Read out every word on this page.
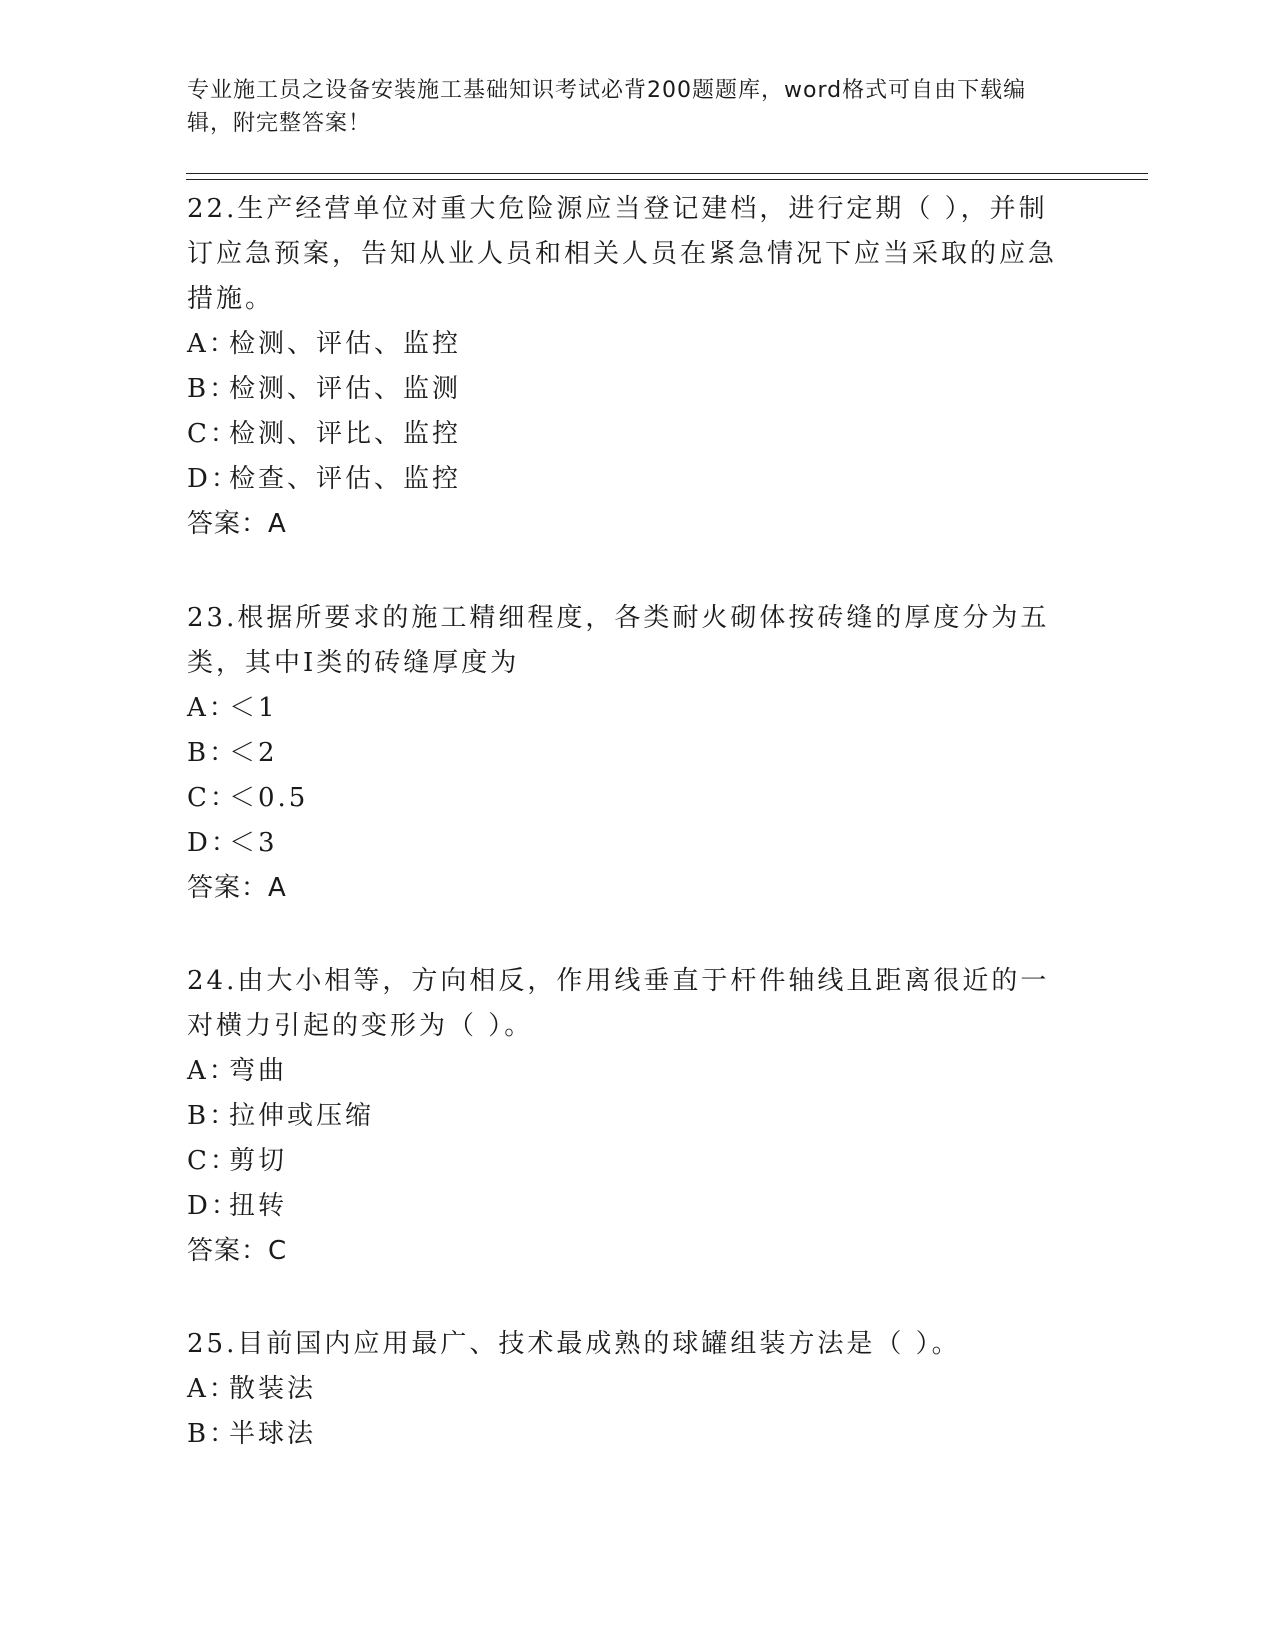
专业施工员之设备安装施工基础知识考试必背200题题库，word格式可自由下载编辑，附完整答案！
22.生产经营单位对重大危险源应当登记建档，进行定期（ ），并制订应急预案，告知从业人员和相关人员在紧急情况下应当采取的应急措施。
A：检测、评估、监控
B：检测、评估、监测
C：检测、评比、监控
D：检查、评估、监控
答案：A
23.根据所要求的施工精细程度，各类耐火砌体按砖缝的厚度分为五类，其中Ⅰ类的砖缝厚度为
A：＜1
B：＜2
C：＜0.5
D：＜3
答案：A
24.由大小相等，方向相反，作用线垂直于杆件轴线且距离很近的一对横力引起的变形为（ ）。
A：弯曲
B：拉伸或压缩
C：剪切
D：扭转
答案：C
25.目前国内应用最广、技术最成熟的球罐组装方法是（ ）。
A：散装法
B：半球法
